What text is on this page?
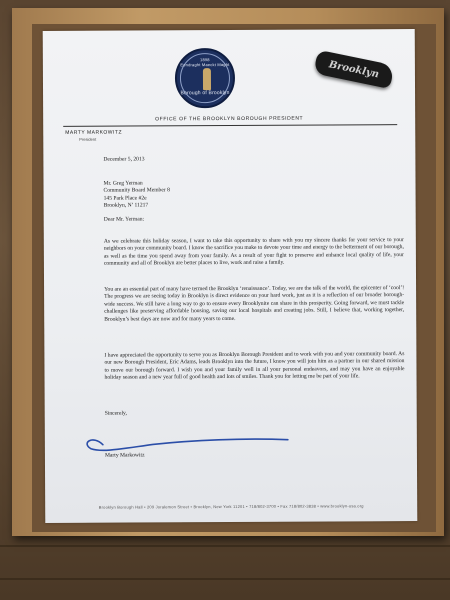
1898
Eendraght Maeckt Maght
Borough of Brooklyn
Brooklyn
OFFICE OF THE BROOKLYN BOROUGH PRESIDENT
MARTY MARKOWITZ
President
December 5, 2013
Mr. Greg Yerman
Community Board Member 8
145 Park Place #2e
Brooklyn, N’ 11217
Dear Mr. Yerman:
As we celebrate this holiday season, I want to take this opportunity to share with you my sincere thanks for your service to your neighbors on your community board. I know the sacrifice you make to devote your time and energy to the betterment of our borough, as well as the time you spend away from your family. As a result of your fight to preserve and enhance local quality of life, your community and all of Brooklyn are better places to live, work and raise a family.
You are an essential part of many have termed the Brooklyn ‘renaissance’. Today, we are the talk of the world, the epicenter of ‘cool’! The progress we are seeing today in Brooklyn is direct evidence on your hard work, just as it is a reflection of our broader borough-wide success. We still have a long way to go to ensure every Brooklynite can share in this prosperity. Going forward, we must tackle challenges like preserving affordable housing, saving our local hospitals and creating jobs. Still, I believe that, working together, Brooklyn’s best days are now and for many years to come.
I have appreciated the opportunity to serve you as Brooklyn Borough President and to work with you and your community board. As our new Borough President, Eric Adams, leads Brooklyn into the future, I know you will join him as a partner in our shared mission to move our borough forward. I wish you and your family well in all your personal endeavors, and may you have an enjoyable holiday season and a new year full of good health and lots of smiles. Thank you for letting me be part of your life.
Sincerely,
Marty Markowitz
Brooklyn Borough Hall • 209 Joralemon Street • Brooklyn, New York 11201 • 718/802-3700 • Fax 718/802-3838 • www.brooklyn-usa.org
